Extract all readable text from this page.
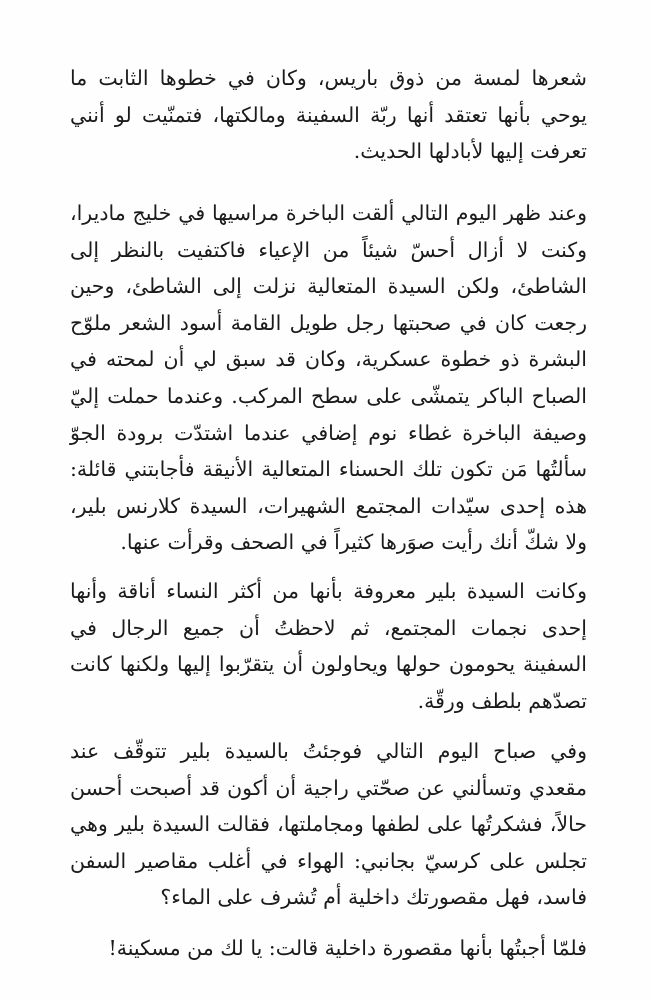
شعرها لمسة من ذوق باريس، وكان في خطوها الثابت ما يوحي بأنها تعتقد أنها ربّة السفينة ومالكتها، فتمنّيت لو أنني تعرفت إليها لأبادلها الحديث.

وعند ظهر اليوم التالي ألقت الباخرة مراسيها في خليج ماديرا، وكنت لا أزال أحسّ شيئاً من الإعياء فاكتفيت بالنظر إلى الشاطئ، ولكن السيدة المتعالية نزلت إلى الشاطئ، وحين رجعت كان في صحبتها رجل طويل القامة أسود الشعر ملوّح البشرة ذو خطوة عسكرية، وكان قد سبق لي أن لمحته في الصباح الباكر يتمشّى على سطح المركب. وعندما حملت إليّ وصيفة الباخرة غطاء نوم إضافي عندما اشتدّت برودة الجوّ سألتُها مَن تكون تلك الحسناء المتعالية الأنيقة فأجابتني قائلة: هذه إحدى سيّدات المجتمع الشهيرات، السيدة كلارنس بلير، ولا شكّ أنك رأيت صوَرها كثيراً في الصحف وقرأت عنها.

وكانت السيدة بلير معروفة بأنها من أكثر النساء أناقة وأنها إحدى نجمات المجتمع، ثم لاحظتُ أن جميع الرجال في السفينة يحومون حولها ويحاولون أن يتقرّبوا إليها ولكنها كانت تصدّهم بلطف ورقّة.

وفي صباح اليوم التالي فوجئتُ بالسيدة بلير تتوقّف عند مقعدي وتسألني عن صحّتي راجية أن أكون قد أصبحت أحسن حالاً، فشكرتُها على لطفها ومجاملتها، فقالت السيدة بلير وهي تجلس على كرسيّ بجانبي: الهواء في أغلب مقاصير السفن فاسد، فهل مقصورتك داخلية أم تُشرف على الماء؟

فلمّا أجبتُها بأنها مقصورة داخلية قالت: يا لك من مسكينة!
